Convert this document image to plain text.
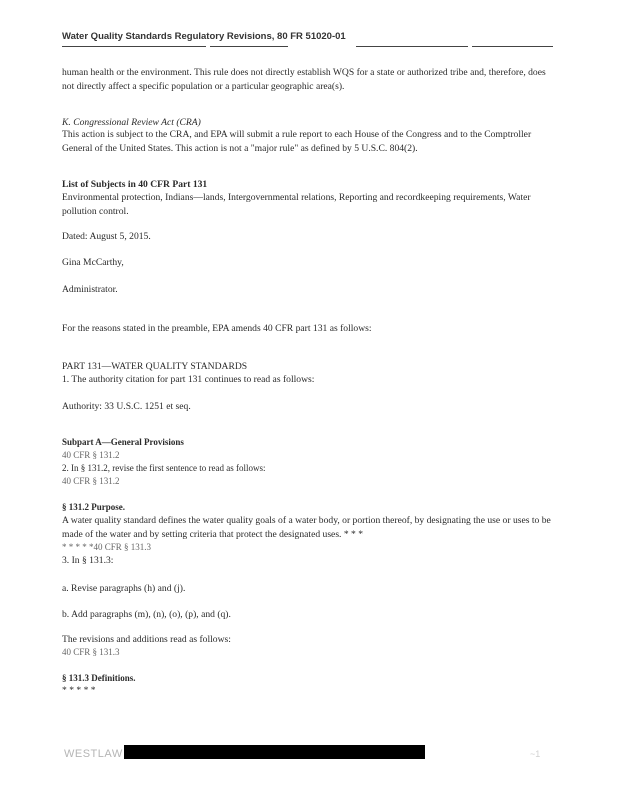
Water Quality Standards Regulatory Revisions, 80 FR 51020-01
human health or the environment. This rule does not directly establish WQS for a state or authorized tribe and, therefore, does not directly affect a specific population or a particular geographic area(s).
K. Congressional Review Act (CRA)
This action is subject to the CRA, and EPA will submit a rule report to each House of the Congress and to the Comptroller General of the United States. This action is not a "major rule" as defined by 5 U.S.C. 804(2).
List of Subjects in 40 CFR Part 131
Environmental protection, Indians—lands, Intergovernmental relations, Reporting and recordkeeping requirements, Water pollution control.
Dated: August 5, 2015.
Gina McCarthy,
Administrator.
For the reasons stated in the preamble, EPA amends 40 CFR part 131 as follows:
PART 131—WATER QUALITY STANDARDS
1. The authority citation for part 131 continues to read as follows:
Authority: 33 U.S.C. 1251 et seq.
Subpart A—General Provisions
40 CFR § 131.2
2. In § 131.2, revise the first sentence to read as follows:
40 CFR § 131.2
§ 131.2 Purpose.
A water quality standard defines the water quality goals of a water body, or portion thereof, by designating the use or uses to be made of the water and by setting criteria that protect the designated uses. * * *
* * * * *40 CFR § 131.3
3. In § 131.3:
a. Revise paragraphs (h) and (j).
b. Add paragraphs (m), (n), (o), (p), and (q).
The revisions and additions read as follows:
40 CFR § 131.3
§ 131.3 Definitions.
* * * * *
WESTLAW	~1
